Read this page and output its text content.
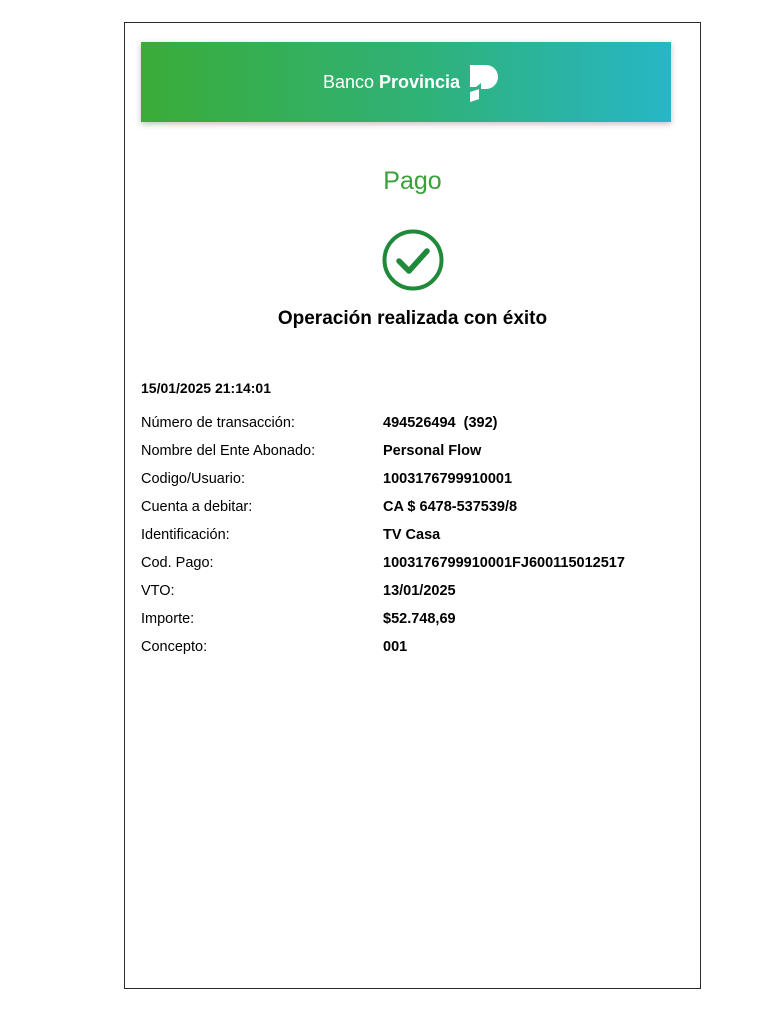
Banco Provincia
Pago
Operación realizada con éxito
15/01/2025 21:14:01
Número de transacción:	494526494  (392)
Nombre del Ente Abonado:	Personal Flow
Codigo/Usuario:	1003176799910001
Cuenta a debitar:	CA $ 6478-537539/8
Identificación:	TV Casa
Cod. Pago:	1003176799910001FJ600115012517
VTO:	13/01/2025
Importe:	$52.748,69
Concepto:	001
